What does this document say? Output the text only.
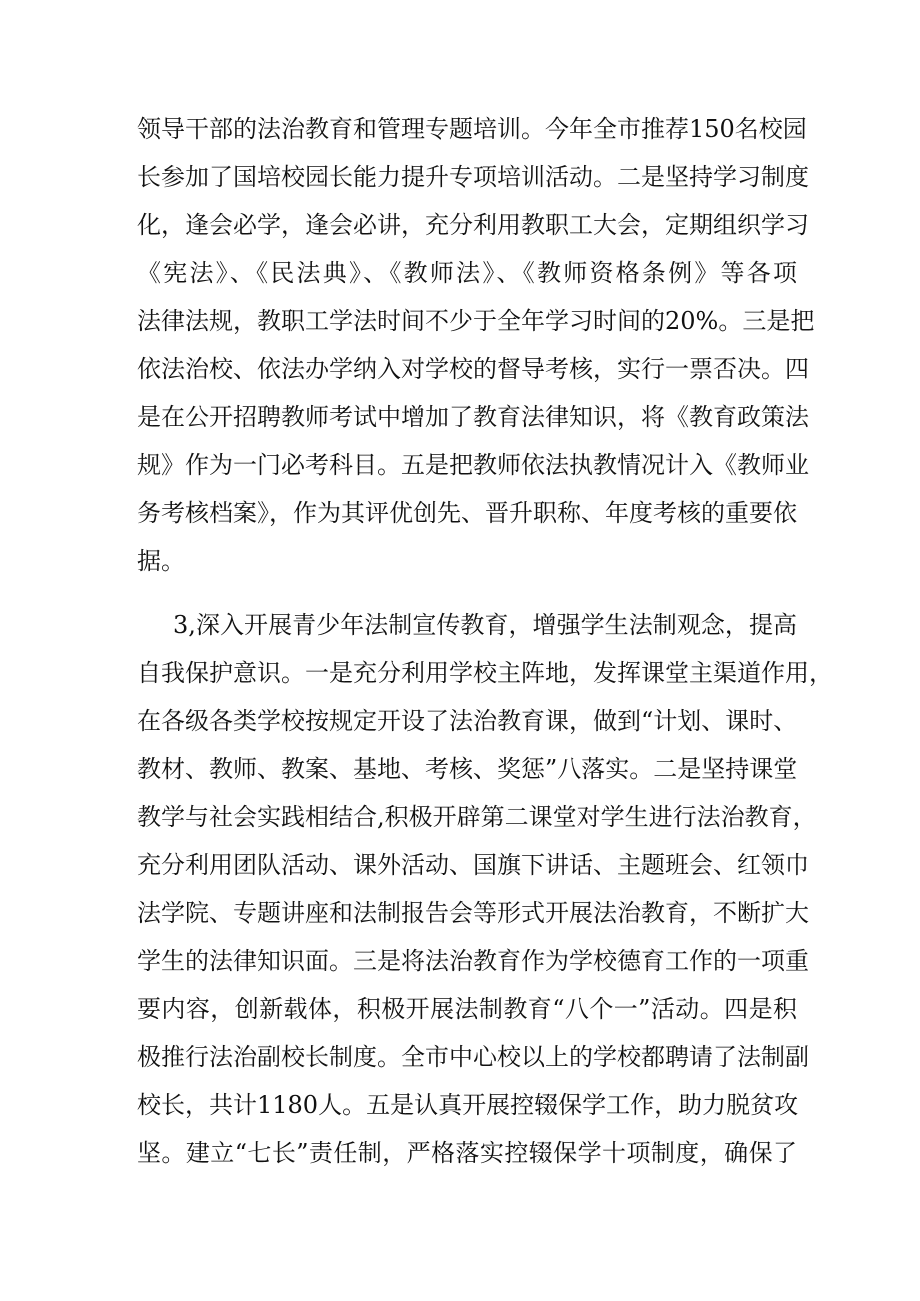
领导干部的法治教育和管理专题培训。今年全市推荐150名校园
长参加了国培校园长能力提升专项培训活动。二是坚持学习制度
化，逢会必学，逢会必讲，充分利用教职工大会，定期组织学习
《宪法》、《民法典》、《教师法》、《教师资格条例》等各项
法律法规，教职工学法时间不少于全年学习时间的20%。三是把
依法治校、依法办学纳入对学校的督导考核，实行一票否决。四
是在公开招聘教师考试中增加了教育法律知识，将《教育政策法
规》作为一门必考科目。五是把教师依法执教情况计入《教师业
务考核档案》，作为其评优创先、晋升职称、年度考核的重要依
据。
3,深入开展青少年法制宣传教育，增强学生法制观念，提高
自我保护意识。一是充分利用学校主阵地，发挥课堂主渠道作用，
在各级各类学校按规定开设了法治教育课，做到“计划、课时、
教材、教师、教案、基地、考核、奖惩”八落实。二是坚持课堂
教学与社会实践相结合,积极开辟第二课堂对学生进行法治教育，
充分利用团队活动、课外活动、国旗下讲话、主题班会、红领巾
法学院、专题讲座和法制报告会等形式开展法治教育，不断扩大
学生的法律知识面。三是将法治教育作为学校德育工作的一项重
要内容，创新载体，积极开展法制教育“八个一”活动。四是积
极推行法治副校长制度。全市中心校以上的学校都聘请了法制副
校长，共计1180人。五是认真开展控辍保学工作，助力脱贫攻
坚。建立“七长”责任制，严格落实控辍保学十项制度，确保了
